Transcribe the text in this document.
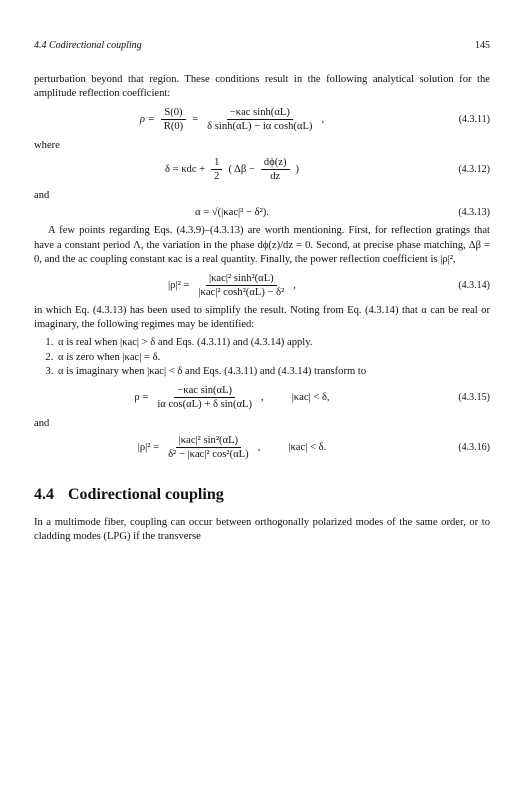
4.4 Codirectional coupling	145

perturbation beyond that region. These conditions result in the following analytical solution for the amplitude reflection coefficient:

$\rho = \frac{S(0)}{R(0)} = \frac{\text{−κac sinh(αL)}}{\text{δ sinh(αL) − iα cosh(αL)}}$ ,	(4.3.11)
where
$\delta = \kappa dc + \frac{1}{2}$ ( $\Delta\beta - \frac{d\phi(z)}{dz}$ )	(4.3.12)
and
α = √(|κac|² − δ²).	(4.3.13)

A few points regarding Eqs. (4.3.9)–(4.3.13) are worth mentioning. First, for reflection gratings that have a constant period Λ, the variation in the phase dϕ(z)/dz = 0. Second, at precise phase matching, Δβ = 0, and the ac coupling constant κac is a real quantity. Finally, the power reflection coefficient is |ρ|²,

$|\rho|^2 = \frac{\text{|κac|² sinh²(αL)}}{\text{|κac|² cosh²(αL) − δ²}}$ ,	(4.3.14)

in which Eq. (4.3.13) has been used to simplify the result. Noting from Eq. (4.3.14) that α can be real or imaginary, the following regimes may be identified:

1. α is real when |κac| > δ and Eqs. (4.3.11) and (4.3.14) apply.
2. α is zero when |κac| = δ.
3. α is imaginary when |κac| < δ and Eqs. (4.3.11) and (4.3.14) transform to
$\rho = \frac{\text{−κac sin(αL)}}{\text{iα cos(αL) + δ sin(αL)}}$ ,	|κac| < δ,	(4.3.15)
and
$|\rho|^2 = \frac{\text{|κac|² sin²(αL)}}{\text{δ² − |κac|² cos²(αL)}}$ ,	|κac| < δ.	(4.3.16)
4.4 Codirectional coupling

In a multimode fiber, coupling can occur between orthogonally polarized modes of the same order, or to cladding modes (LPG) if the transverse
